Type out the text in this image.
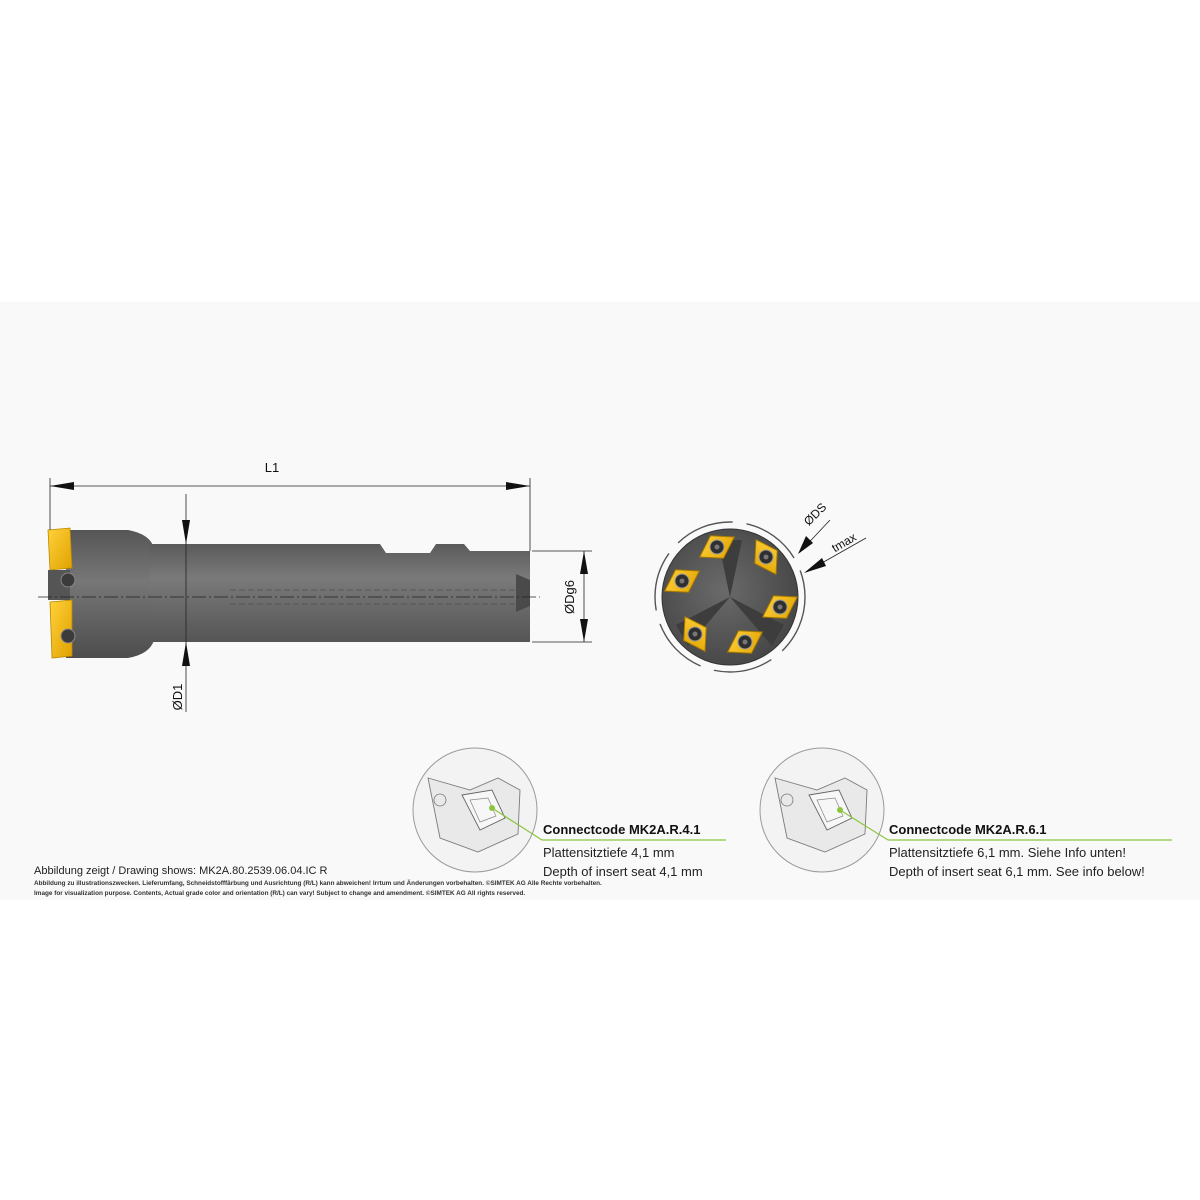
L1
ØD1
ØDg6
ØDS
tmax
Connectcode MK2A.R.4.1
Plattensitztiefe 4,1 mm
Depth of insert seat 4,1 mm
Connectcode MK2A.R.6.1
Plattensitztiefe 6,1 mm. Siehe Info unten!
Depth of insert seat 6,1 mm. See info below!
Abbildung zeigt / Drawing shows: MK2A.80.2539.06.04.IC R
Abbildung zu illustrationszwecken. Lieferumfang, Schneidstofffärbung und Ausrichtung (R/L) kann abweichen! Irrtum und Änderungen vorbehalten. ©SIMTEK AG Alle Rechte vorbehalten.
Image for visualization purpose. Contents, Actual grade color and orientation (R/L) can vary! Subject to change and amendment. ©SIMTEK AG All rights reserved.
